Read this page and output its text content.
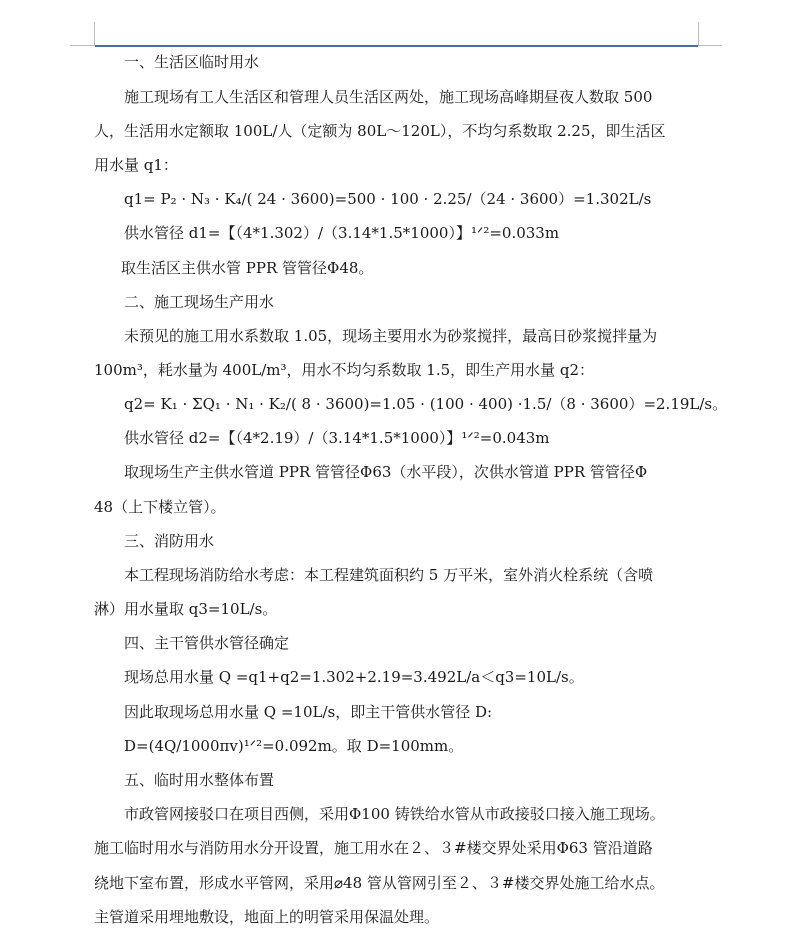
一、生活区临时用水
施工现场有工人生活区和管理人员生活区两处，施工现场高峰期昼夜人数取 500
人，生活用水定额取 100L/人（定额为 80L～120L），不均匀系数取 2.25，即生活区
用水量 q1：
q1= P₂ · N₃ · K₄/( 24 · 3600)=500 · 100 · 2.25/（24 · 3600）=1.302L/s
供水管径 d1=【（4*1.302）/（3.14*1.5*1000）】¹ᐟ²=0.033m
取生活区主供水管 PPR 管管径Φ48。
二、施工现场生产用水
未预见的施工用水系数取 1.05，现场主要用水为砂浆搅拌，最高日砂浆搅拌量为
100m³，耗水量为 400L/m³，用水不均匀系数取 1.5，即生产用水量 q2：
q2= K₁ · ΣQ₁ · N₁ · K₂/( 8 · 3600)=1.05 · (100 · 400) ·1.5/（8 · 3600）=2.19L/s。
供水管径 d2=【（4*2.19）/（3.14*1.5*1000）】¹ᐟ²=0.043m
取现场生产主供水管道 PPR 管管径Φ63（水平段），次供水管道 PPR 管管径Φ
48（上下楼立管）。
三、消防用水
本工程现场消防给水考虑：本工程建筑面积约 5 万平米，室外消火栓系统（含喷
淋）用水量取 q3=10L/s。
四、主干管供水管径确定
现场总用水量 Q =q1+q2=1.302+2.19=3.492L/a＜q3=10L/s。
因此取现场总用水量 Q =10L/s，即主干管供水管径 D:
D=(4Q/1000πv)¹ᐟ²=0.092m。取 D=100mm。
五、临时用水整体布置
市政管网接驳口在项目西侧，采用Φ100 铸铁给水管从市政接驳口接入施工现场。
施工临时用水与消防用水分开设置，施工用水在２、３#楼交界处采用Φ63 管沿道路
绕地下室布置，形成水平管网，采用⌀48 管从管网引至２、３#楼交界处施工给水点。
主管道采用埋地敷设，地面上的明管采用保温处理。
